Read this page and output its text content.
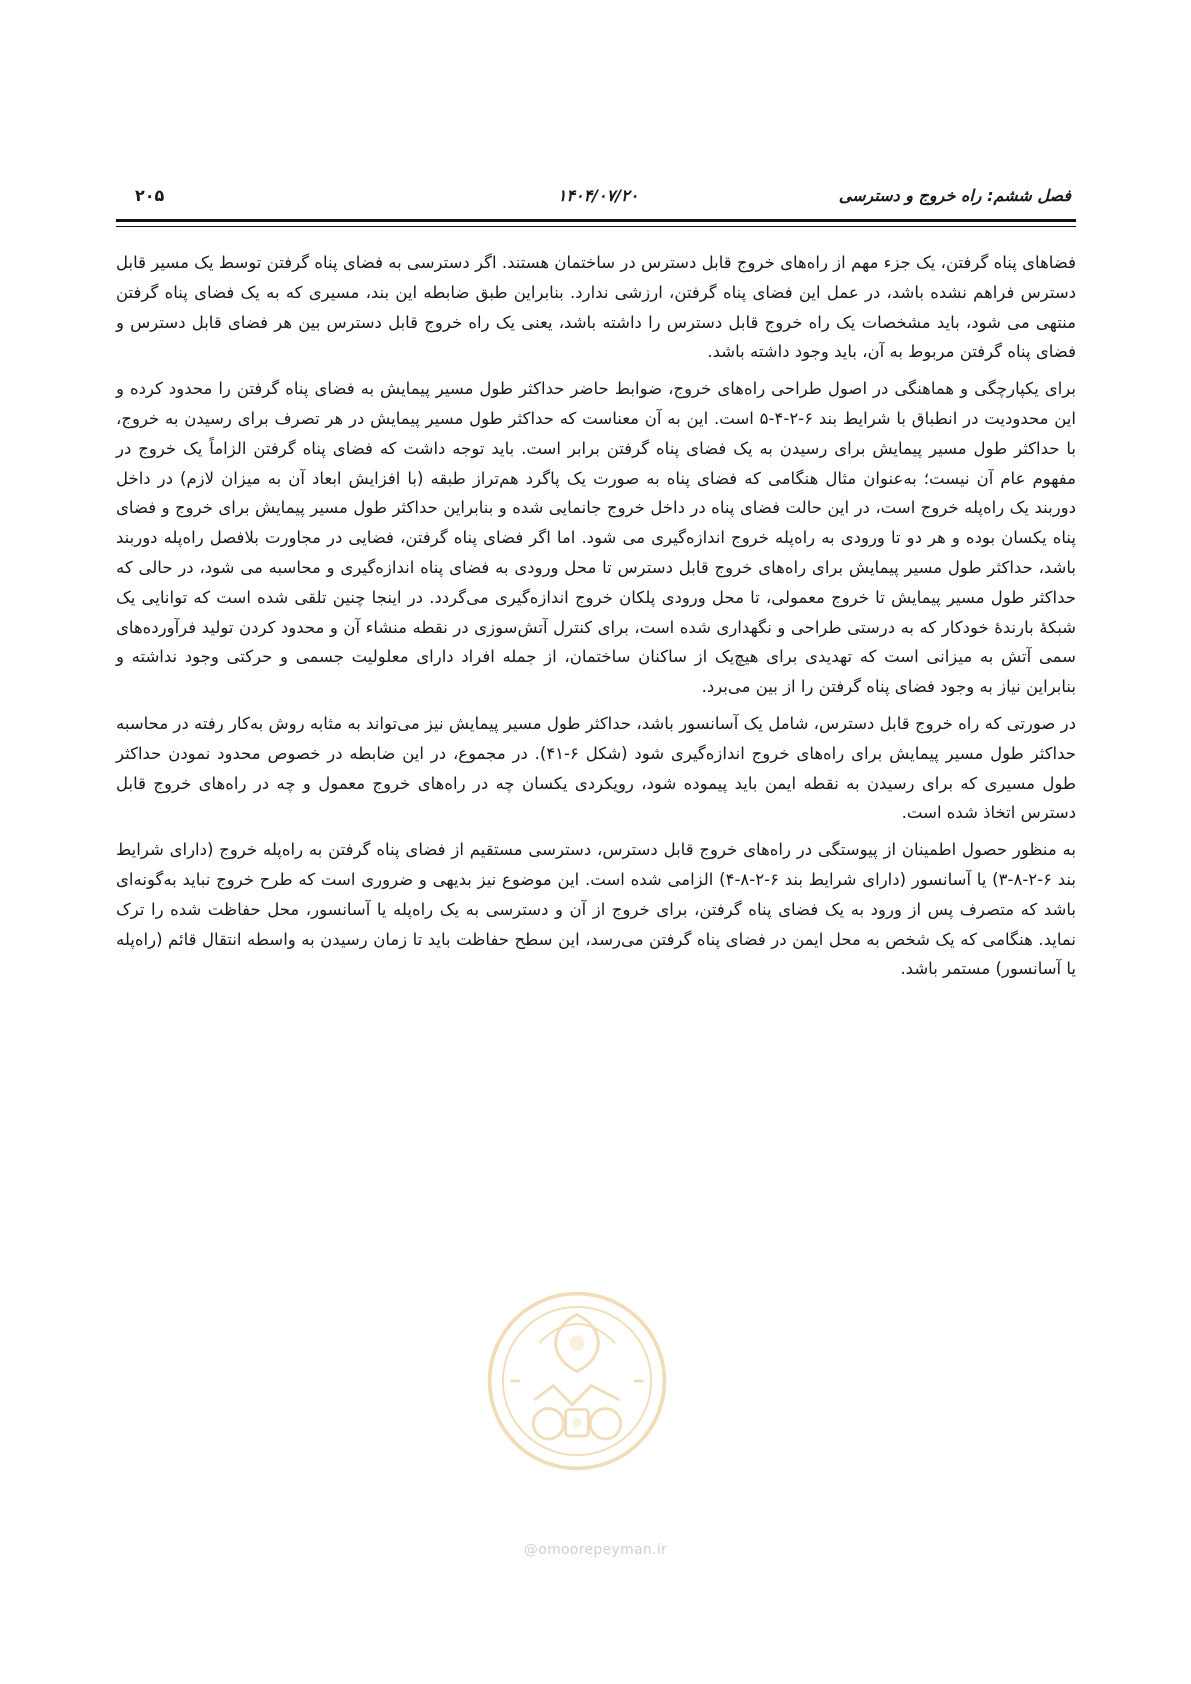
فصل ششم: راه خروج و دسترسی
۱۴۰۴/۰۷/۲۰
۲۰۵

فضاهای پناه گرفتن، یک جزء مهم از راه‌های خروج قابل دسترس در ساختمان هستند. اگر دسترسی به فضای پناه گرفتن توسط یک مسیر قابل دسترس فراهم نشده باشد، در عمل این فضای پناه گرفتن، ارزشی ندارد. بنابراین طبق ضابطه این بند، مسیری که به یک فضای پناه گرفتن منتهی می شود، باید مشخصات یک راه خروج قابل دسترس را داشته باشد، یعنی یک راه خروج قابل دسترس بین هر فضای قابل دسترس و فضای پناه گرفتن مربوط به آن، باید وجود داشته باشد.

برای یکپارچگی و هماهنگی در اصول طراحی راه‌های خروج، ضوابط حاضر حداکثر طول مسیر پیمایش به فضای پناه گرفتن را محدود کرده و این محدودیت در انطباق با شرایط بند ۶-۲-۴-۵ است. این به آن معناست که حداکثر طول مسیر پیمایش در هر تصرف برای رسیدن به خروج، با حداکثر طول مسیر پیمایش برای رسیدن به یک فضای پناه گرفتن برابر است. باید توجه داشت که فضای پناه گرفتن الزاماً یک خروج در مفهوم عام آن نیست؛ به‌عنوان مثال هنگامی که فضای پناه به صورت یک پاگرد هم‌تراز طبقه (با افزایش ابعاد آن به میزان لازم) در داخل دوربند یک راه‌پله خروج است، در این حالت فضای پناه در داخل خروج جانمایی شده و بنابراین حداکثر طول مسیر پیمایش برای خروج و فضای پناه یکسان بوده و هر دو تا ورودی به راه‌پله خروج اندازه‌گیری می شود. اما اگر فضای پناه گرفتن، فضایی در مجاورت بلافصل راه‌پله دوربند باشد، حداکثر طول مسیر پیمایش برای راه‌های خروج قابل دسترس تا محل ورودی به فضای پناه اندازه‌گیری و محاسبه می شود، در حالی که حداکثر طول مسیر پیمایش تا خروج معمولی، تا محل ورودی پلکان خروج اندازه‌گیری می‌گردد. در اینجا چنین تلقی شده است که توانایی یک شبکهٔ بارندهٔ خودکار که به درستی طراحی و نگهداری شده است، برای کنترل آتش‌سوزی در نقطه منشاء آن و محدود کردن تولید فرآورده‌های سمی آتش به میزانی است که تهدیدی برای هیچ‌یک از ساکنان ساختمان، از جمله افراد دارای معلولیت جسمی و حرکتی وجود نداشته و بنابراین نیاز به وجود فضای پناه گرفتن را از بین می‌برد.

در صورتی که راه خروج قابل دسترس، شامل یک آسانسور باشد، حداکثر طول مسیر پیمایش نیز می‌تواند به مثابه روش به‌کار رفته در محاسبه حداکثر طول مسیر پیمایش برای راه‌های خروج اندازه‌گیری شود (شکل ۶-۴۱). در مجموع، در این ضابطه در خصوص محدود نمودن حداکثر طول مسیری که برای رسیدن به نقطه ایمن باید پیموده شود، رویکردی یکسان چه در راه‌های خروج معمول و چه در راه‌های خروج قابل دسترس اتخاذ شده است.

به منظور حصول اطمینان از پیوستگی در راه‌های خروج قابل دسترس، دسترسی مستقیم از فضای پناه گرفتن به راه‌پله خروج (دارای شرایط بند ۶-۲-۸-۳) یا آسانسور (دارای شرایط بند ۶-۲-۸-۴) الزامی شده است. این موضوع نیز بدیهی و ضروری است که طرح خروج نباید به‌گونه‌ای باشد که متصرف پس از ورود به یک فضای پناه گرفتن، برای خروج از آن و دسترسی به یک راه‌پله یا آسانسور، محل حفاظت شده را ترک نماید. هنگامی که یک شخص به محل ایمن در فضای پناه گرفتن می‌رسد، این سطح حفاظت باید تا زمان رسیدن به واسطه انتقال قائم (راه‌پله یا آسانسور) مستمر باشد.

@omoorepeyman.ir
